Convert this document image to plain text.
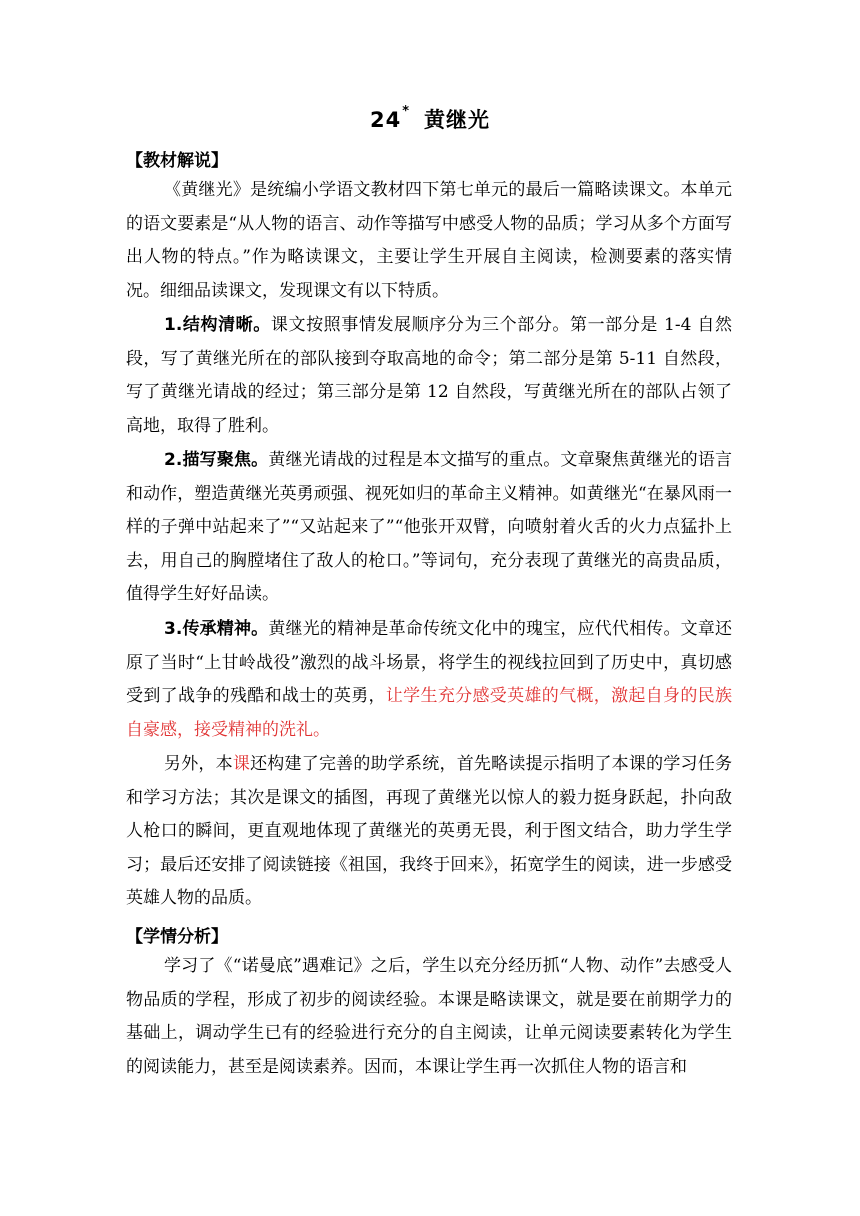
24* 黄继光
【教材解说】

《黄继光》是统编小学语文教材四下第七单元的最后一篇略读课文。本单元的语文要素是“从人物的语言、动作等描写中感受人物的品质；学习从多个方面写出人物的特点。”作为略读课文，主要让学生开展自主阅读，检测要素的落实情况。细细品读课文，发现课文有以下特质。

1.结构清晰。课文按照事情发展顺序分为三个部分。第一部分是 1-4 自然段，写了黄继光所在的部队接到夺取高地的命令；第二部分是第 5-11 自然段，写了黄继光请战的经过；第三部分是第 12 自然段，写黄继光所在的部队占领了高地，取得了胜利。

2.描写聚焦。黄继光请战的过程是本文描写的重点。文章聚焦黄继光的语言和动作，塑造黄继光英勇顽强、视死如归的革命主义精神。如黄继光“在暴风雨一样的子弹中站起来了”“又站起来了”“他张开双臂，向喷射着火舌的火力点猛扑上去，用自己的胸膛堵住了敌人的枪口。”等词句，充分表现了黄继光的高贵品质，值得学生好好品读。

3.传承精神。黄继光的精神是革命传统文化中的瑰宝，应代代相传。文章还原了当时“上甘岭战役”激烈的战斗场景，将学生的视线拉回到了历史中，真切感受到了战争的残酷和战士的英勇，让学生充分感受英雄的气概，激起自身的民族自豪感，接受精神的洗礼。

另外，本课还构建了完善的助学系统，首先略读提示指明了本课的学习任务和学习方法；其次是课文的插图，再现了黄继光以惊人的毅力挺身跃起，扑向敌人枪口的瞬间，更直观地体现了黄继光的英勇无畏，利于图文结合，助力学生学习；最后还安排了阅读链接《祖国，我终于回来》，拓宽学生的阅读，进一步感受英雄人物的品质。

【学情分析】

学习了《“诺曼底”遇难记》之后，学生以充分经历抓“人物、动作”去感受人物品质的学程，形成了初步的阅读经验。本课是略读课文，就是要在前期学力的基础上，调动学生已有的经验进行充分的自主阅读，让单元阅读要素转化为学生的阅读能力，甚至是阅读素养。因而，本课让学生再一次抓住人物的语言和
